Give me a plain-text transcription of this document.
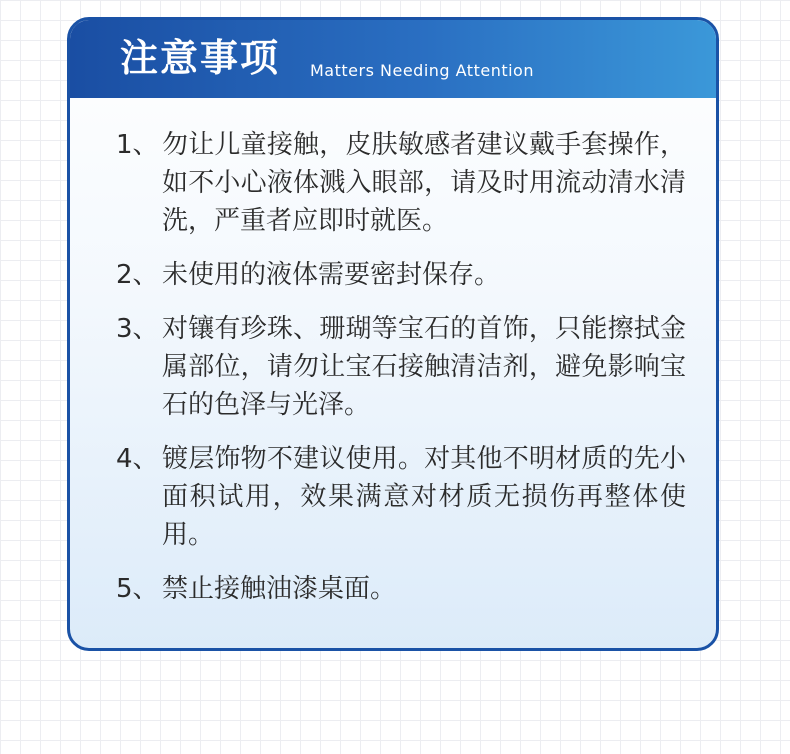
注意事项 Matters Needing Attention
1、 勿让儿童接触，皮肤敏感者建议戴手套操作，如不小心液体溅入眼部，请及时用流动清水清洗，严重者应即时就医。
2、 未使用的液体需要密封保存。
3、 对镶有珍珠、珊瑚等宝石的首饰，只能擦拭金属部位，请勿让宝石接触清洁剂，避免影响宝石的色泽与光泽。
4、 镀层饰物不建议使用。对其他不明材质的先小面积试用，效果满意对材质无损伤再整体使用。
5、 禁止接触油漆桌面。
